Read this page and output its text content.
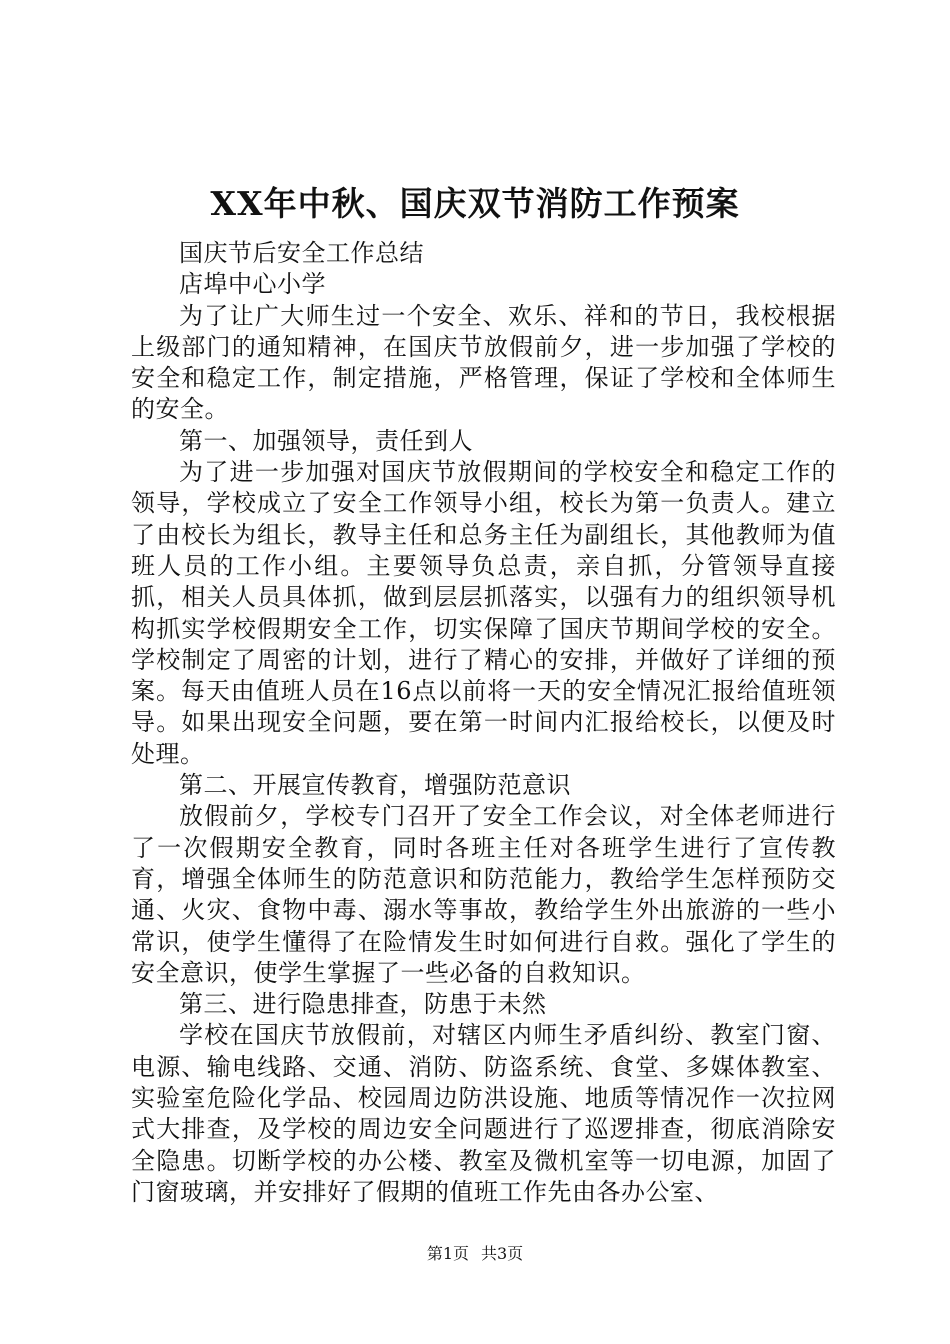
XX年中秋、国庆双节消防工作预案

国庆节后安全工作总结

店埠中心小学

为了让广大师生过一个安全、欢乐、祥和的节日，我校根据上级部门的通知精神，在国庆节放假前夕，进一步加强了学校的安全和稳定工作，制定措施，严格管理，保证了学校和全体师生的安全。

第一、加强领导，责任到人

为了进一步加强对国庆节放假期间的学校安全和稳定工作的领导，学校成立了安全工作领导小组，校长为第一负责人。建立了由校长为组长，教导主任和总务主任为副组长，其他教师为值班人员的工作小组。主要领导负总责，亲自抓，分管领导直接抓，相关人员具体抓，做到层层抓落实，以强有力的组织领导机构抓实学校假期安全工作，切实保障了国庆节期间学校的安全。学校制定了周密的计划，进行了精心的安排，并做好了详细的预案。每天由值班人员在16点以前将一天的安全情况汇报给值班领导。如果出现安全问题，要在第一时间内汇报给校长，以便及时处理。

第二、开展宣传教育，增强防范意识

放假前夕，学校专门召开了安全工作会议，对全体老师进行了一次假期安全教育，同时各班主任对各班学生进行了宣传教育，增强全体师生的防范意识和防范能力，教给学生怎样预防交通、火灾、食物中毒、溺水等事故，教给学生外出旅游的一些小常识，使学生懂得了在险情发生时如何进行自救。强化了学生的安全意识，使学生掌握了一些必备的自救知识。

第三、进行隐患排查，防患于未然

学校在国庆节放假前，对辖区内师生矛盾纠纷、教室门窗、电源、输电线路、交通、消防、防盗系统、食堂、多媒体教室、实验室危险化学品、校园周边防洪设施、地质等情况作一次拉网式大排查，及学校的周边安全问题进行了巡逻排查，彻底消除安全隐患。切断学校的办公楼、教室及微机室等一切电源，加固了门窗玻璃，并安排好了假期的值班工作先由各办公室、

第1页 共3页
